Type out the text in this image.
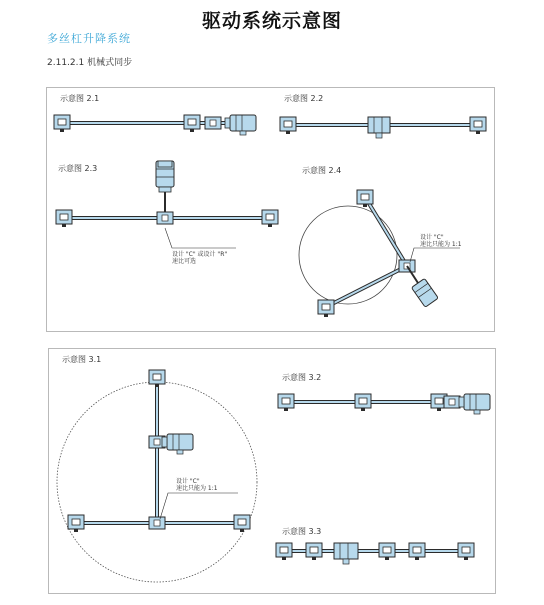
驱动系统示意图
多丝杠升降系统
2.11.2.1 机械式同步
示意图 2.1	示意图 2.2
示意图 2.3
设计 "C" 或设计 "R"
速比可选
示意图 2.4
设计 "C"
速比只能为 1:1
示意图 3.1
设计 "C"
速比只能为 1:1
示意图 3.2
示意图 3.3
